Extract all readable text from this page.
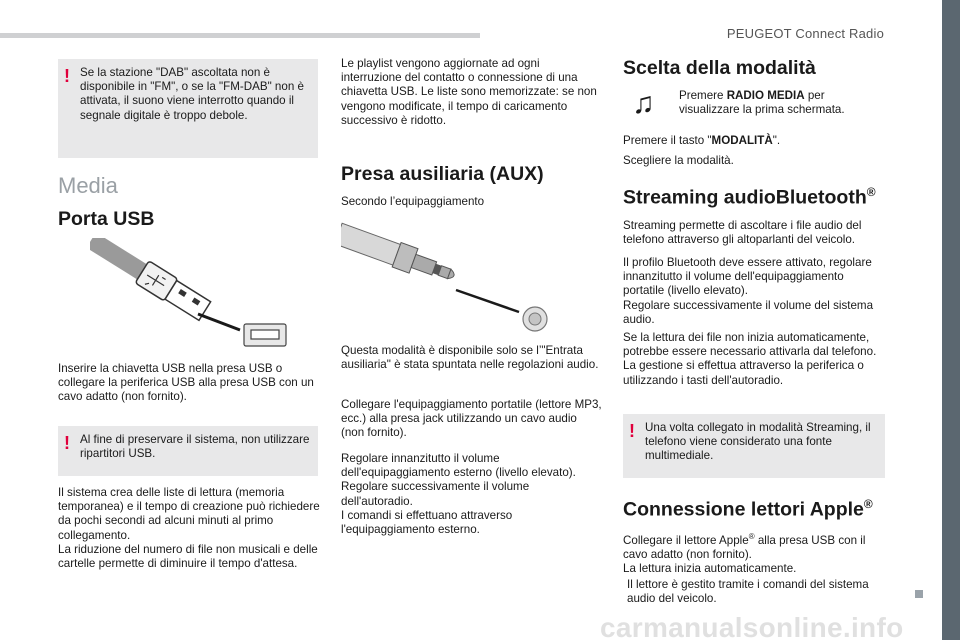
PEUGEOT Connect Radio
! Se la stazione "DAB" ascoltata non è disponibile in "FM", o se la "FM-DAB" non è attivata, il suono viene interrotto quando il segnale digitale è troppo debole.
Media
Porta USB

Inserire la chiavetta USB nella presa USB o collegare la periferica USB alla presa USB con un cavo adatto (non fornito).

! Al fine di preservare il sistema, non utilizzare ripartitori USB.

Il sistema crea delle liste di lettura (memoria temporanea) e il tempo di creazione può richiedere da pochi secondi ad alcuni minuti al primo collegamento.
La riduzione del numero di file non musicali e delle cartelle permette di diminuire il tempo d'attesa.

Le playlist vengono aggiornate ad ogni interruzione del contatto o connessione di una chiavetta USB. Le liste sono memorizzate: se non vengono modificate, il tempo di caricamento successivo è ridotto.

Presa ausiliaria (AUX)

Secondo l’equipaggiamento

Questa modalità è disponibile solo se l’"Entrata ausiliaria" è stata spuntata nelle regolazioni audio.

Collegare l'equipaggiamento portatile (lettore MP3, ecc.) alla presa jack utilizzando un cavo audio (non fornito).

Regolare innanzitutto il volume dell'equipaggiamento esterno (livello elevato).
Regolare successivamente il volume dell'autoradio.
I comandi si effettuano attraverso l'equipaggiamento esterno.

Scelta della modalità
♫ Premere RADIO MEDIA per visualizzare la prima schermata.

Premere il tasto "MODALITÀ".

Scegliere la modalità.

Streaming audioBluetooth®

Streaming permette di ascoltare i file audio del telefono attraverso gli altoparlanti del veicolo.

Il profilo Bluetooth deve essere attivato, regolare innanzitutto il volume dell'equipaggiamento portatile (livello elevato).
Regolare successivamente il volume del sistema audio.

Se la lettura dei file non inizia automaticamente, potrebbe essere necessario attivarla dal telefono.
La gestione si effettua attraverso la periferica o utilizzando i tasti dell'autoradio.

! Una volta collegato in modalità Streaming, il telefono viene considerato una fonte multimediale.
Connessione lettori Apple®

Collegare il lettore Apple® alla presa USB con il cavo adatto (non fornito).
La lettura inizia automaticamente.

Il lettore è gestito tramite i comandi del sistema audio del veicolo.

carmanualsonline.info
